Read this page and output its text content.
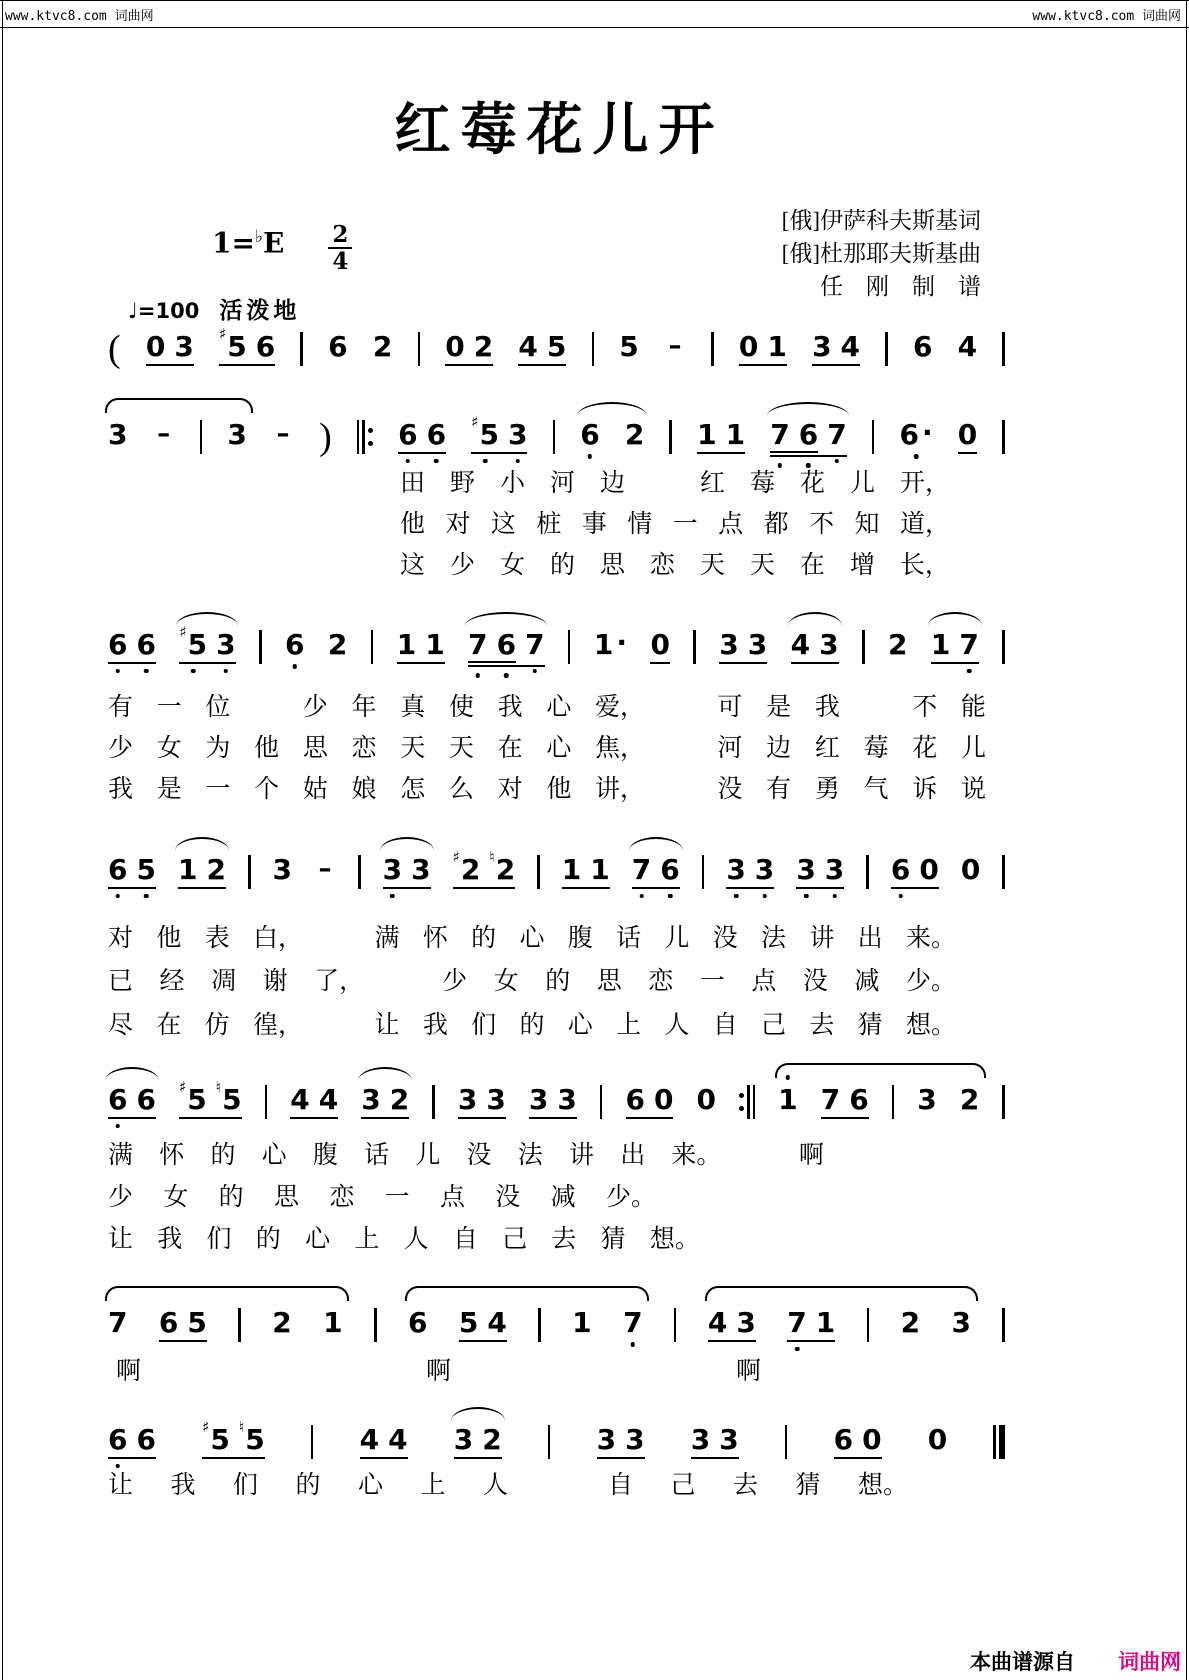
www.ktvc8.com 词曲网	www.ktvc8.com 词曲网
红莓花儿开
[俄]伊萨科夫斯基词
[俄]杜那耶夫斯基曲
任　刚　制　谱
$1=^♭E \frac{2}{4}$
♩=100 活泼地
( 0 3 ♯ 5 6 6 2 0 2 4 5 5 – 0 1 3 4 6 4
3 – 3 – ) 6 6 ♯ 5 3 6 2 1 1 7 6 7 6 · 0
6 6 ♯ 5 3 6 2 1 1 7 6 7 1 · 0 3 3 4 3 2 1 7
6 5 1 2 3 – 3 3 ♯ 2 ♮ 2 1 1 7 6 3 3 3 3 6 0 0
6 6 ♯ 5 ♮ 5 4 4 3 2 3 3 3 3 6 0 0 1 7 6 3 2
7 6 5 2 1 6 5 4 1 7 4 3 7 1 2 3
6 6	♯ 5 ♮ 5	4 4 3 2	3 3 3 3	6 0 0
田 野 小 河 边	红 莓 花 儿 开，
他 对 这 桩 事 情 一 点 都 不 知 道，
这 少 女 的 思 恋 天 天 在 增 长，
有 一 位	少 年 真 使 我 心 爱，	可 是 我	不 能
少 女 为 他 思 恋 天 天 在 心 焦，	河 边 红 莓 花 儿
我 是 一 个 姑 娘 怎 么 对 他 讲，	没 有 勇 气 诉 说
对 他 表 白，	满 怀 的 心 腹 话 儿 没 法 讲 出 来。
已 经 凋 谢 了，	少 女 的 思 恋 一 点 没 减 少。
尽 在 仿 徨，	让 我 们 的 心 上 人 自 己 去 猜 想。
满 怀 的 心 腹 话 儿 没 法 讲 出 来。	啊
少 女 的 思 恋 一 点 没 减 少。
让 我 们 的 心 上 人 自 己 去 猜 想。
啊	啊	啊
让 我 们 的 心 上 人	自 己 去 猜 想。
本曲谱源自 词曲网
